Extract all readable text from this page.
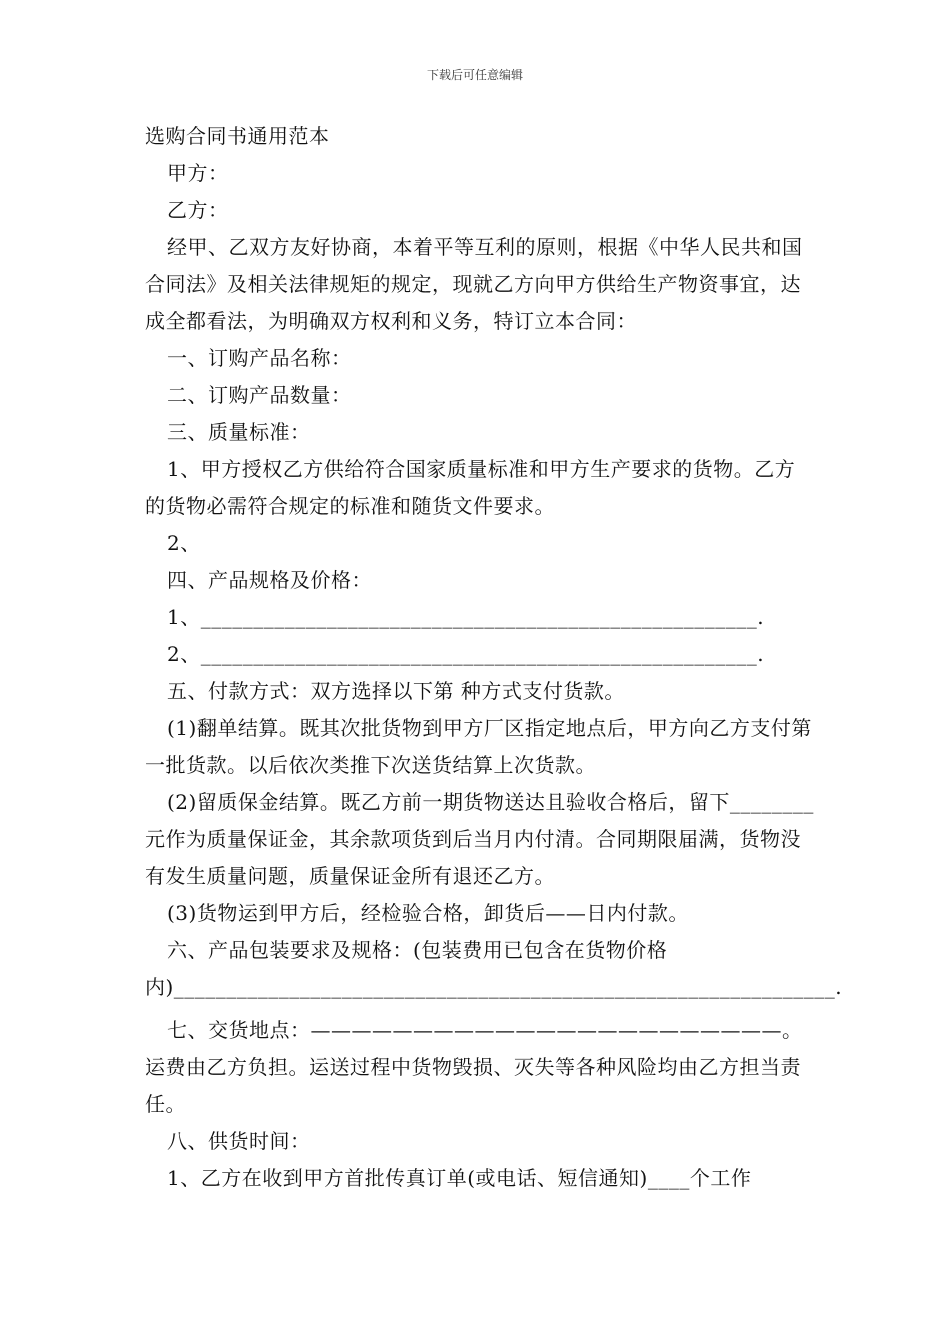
下载后可任意编辑

选购合同书通用范本

甲方：

乙方：

经甲、乙双方友好协商，本着平等互利的原则，根据《中华人民共和国合同法》及相关法律规矩的规定，现就乙方向甲方供给生产物资事宜，达成全都看法，为明确双方权利和义务，特订立本合同：

一、订购产品名称：

二、订购产品数量：

三、质量标准：

1、甲方授权乙方供给符合国家质量标准和甲方生产要求的货物。乙方的货物必需符合规定的标准和随货文件要求。

2、

四、产品规格及价格：

1、_____________________________________________________.

2、_____________________________________________________.

五、付款方式：双方选择以下第 种方式支付货款。

(1)翻单结算。既其次批货物到甲方厂区指定地点后，甲方向乙方支付第一批货款。以后依次类推下次送货结算上次货款。

(2)留质保金结算。既乙方前一期货物送达且验收合格后，留下________元作为质量保证金，其余款项货到后当月内付清。合同期限届满，货物没有发生质量问题，质量保证金所有退还乙方。

(3)货物运到甲方后，经检验合格，卸货后——日内付款。

六、产品包装要求及规格：(包装费用已包含在货物价格内)_______________________________________________________________.

七、交货地点：———————————————————————。运费由乙方负担。运送过程中货物毁损、灭失等各种风险均由乙方担当责任。

八、供货时间：

1、乙方在收到甲方首批传真订单(或电话、短信通知)____个工作
